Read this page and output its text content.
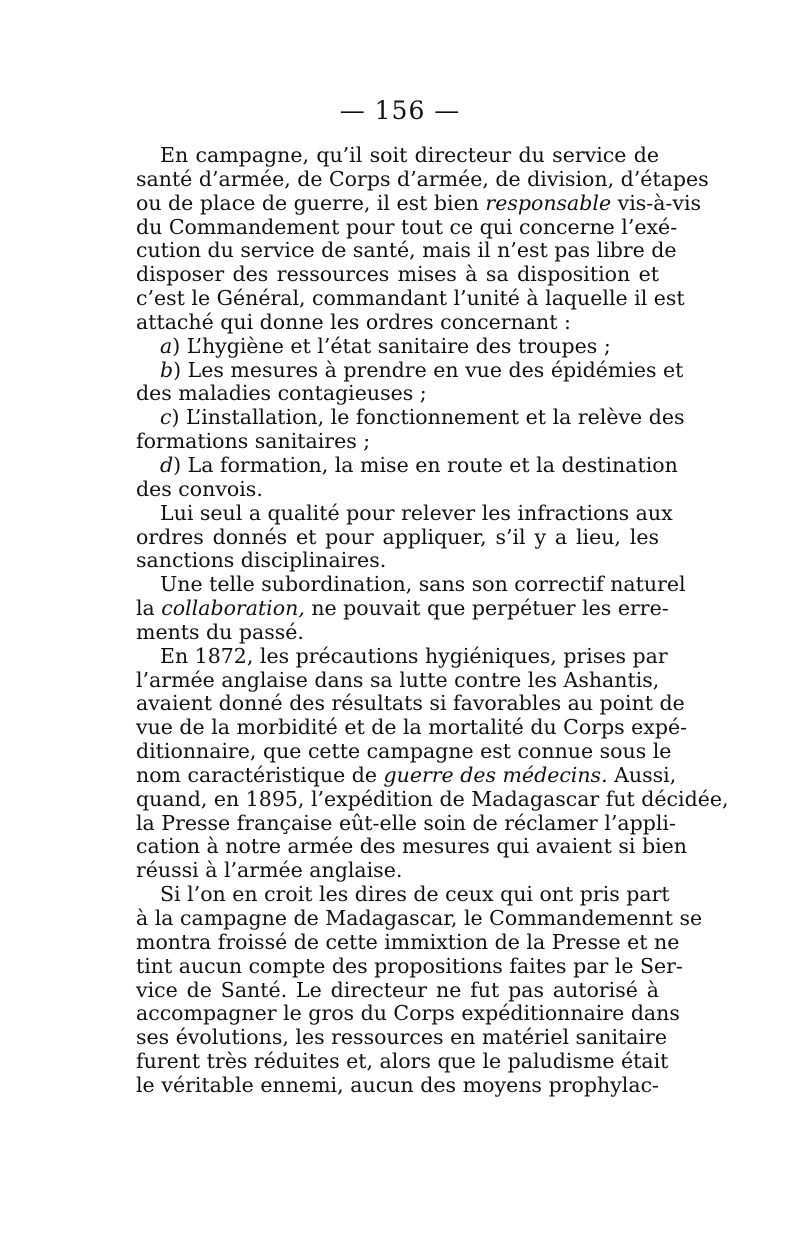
— 156 —
En campagne, qu’il soit directeur du service de
santé d’armée, de Corps d’armée, de division, d’étapes
ou de place de guerre, il est bien responsable vis-à-vis
du Commandement pour tout ce qui concerne l’exé-
cution du service de santé, mais il n’est pas libre de
disposer des ressources mises à sa disposition et
c’est le Général, commandant l’unité à laquelle il est
attaché qui donne les ordres concernant :
a) L’hygiène et l’état sanitaire des troupes ;
b) Les mesures à prendre en vue des épidémies et
des maladies contagieuses ;
c) L’installation, le fonctionnement et la relève des
formations sanitaires ;
d) La formation, la mise en route et la destination
des convois.
Lui seul a qualité pour relever les infractions aux
ordres donnés et pour appliquer, s’il y a lieu, les
sanctions disciplinaires.
Une telle subordination, sans son correctif naturel
la collaboration, ne pouvait que perpétuer les erre-
ments du passé.
En 1872, les précautions hygiéniques, prises par
l’armée anglaise dans sa lutte contre les Ashantis,
avaient donné des résultats si favorables au point de
vue de la morbidité et de la mortalité du Corps expé-
ditionnaire, que cette campagne est connue sous le
nom caractéristique de guerre des médecins. Aussi,
quand, en 1895, l’expédition de Madagascar fut décidée,
la Presse française eût-elle soin de réclamer l’appli-
cation à notre armée des mesures qui avaient si bien
réussi à l’armée anglaise.
Si l’on en croit les dires de ceux qui ont pris part
à la campagne de Madagascar, le Commandemennt se
montra froissé de cette immixtion de la Presse et ne
tint aucun compte des propositions faites par le Ser-
vice de Santé. Le directeur ne fut pas autorisé à
accompagner le gros du Corps expéditionnaire dans
ses évolutions, les ressources en matériel sanitaire
furent très réduites et, alors que le paludisme était
le véritable ennemi, aucun des moyens prophylac-
